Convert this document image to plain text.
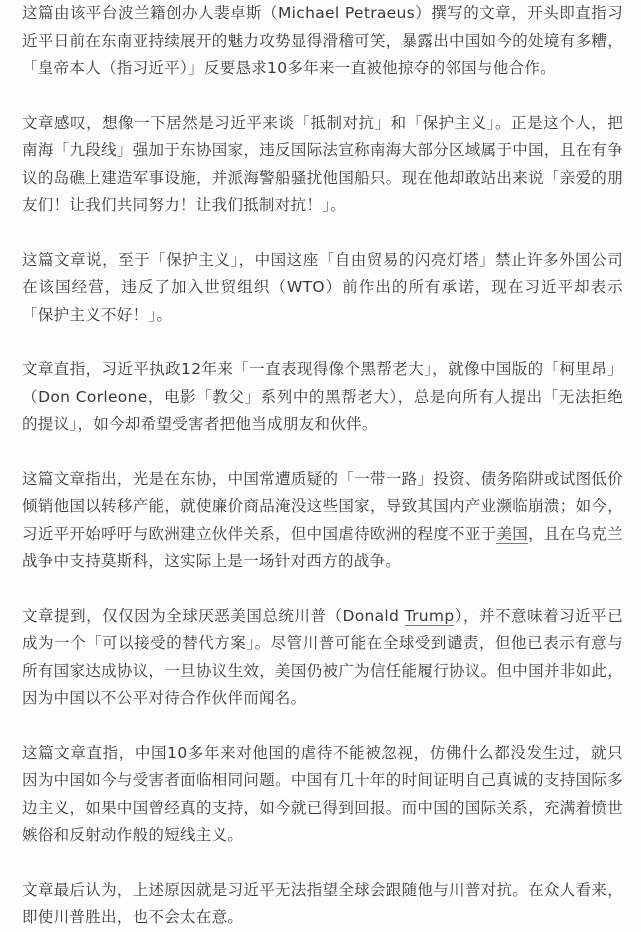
这篇由该平台波兰籍创办人裴卓斯（Michael Petraeus）撰写的文章，开头即直指习近平日前在东南亚持续展开的魅力攻势显得滑稽可笑，暴露出中国如今的处境有多糟，「皇帝本人（指习近平）」反要恳求10多年来一直被他掠夺的邻国与他合作。

文章感叹，想像一下居然是习近平来谈「抵制对抗」和「保护主义」。正是这个人，把南海「九段线」强加于东协国家，违反国际法宣称南海大部分区域属于中国，且在有争议的岛礁上建造军事设施，并派海警船骚扰他国船只。现在他却敢站出来说「亲爱的朋友们！让我们共同努力！让我们抵制对抗！」。

这篇文章说，至于「保护主义」，中国这座「自由贸易的闪亮灯塔」禁止许多外国公司在该国经营，违反了加入世贸组织（WTO）前作出的所有承诺，现在习近平却表示「保护主义不好！」。

文章直指，习近平执政12年来「一直表现得像个黑帮老大」，就像中国版的「柯里昂」（Don Corleone，电影「教父」系列中的黑帮老大），总是向所有人提出「无法拒绝的提议」，如今却希望受害者把他当成朋友和伙伴。

这篇文章指出，光是在东协，中国常遭质疑的「一带一路」投资、债务陷阱或试图低价倾销他国以转移产能，就使廉价商品淹没这些国家，导致其国内产业濒临崩溃；如今，习近平开始呼吁与欧洲建立伙伴关系，但中国虐待欧洲的程度不亚于美国，且在乌克兰战争中支持莫斯科，这实际上是一场针对西方的战争。

文章提到，仅仅因为全球厌恶美国总统川普（Donald Trump），并不意味着习近平已成为一个「可以接受的替代方案」。尽管川普可能在全球受到谴责，但他已表示有意与所有国家达成协议，一旦协议生效，美国仍被广为信任能履行协议。但中国并非如此，因为中国以不公平对待合作伙伴而闻名。

这篇文章直指，中国10多年来对他国的虐待不能被忽视，仿佛什么都没发生过，就只因为中国如今与受害者面临相同问题。中国有几十年的时间证明自己真诚的支持国际多边主义，如果中国曾经真的支持，如今就已得到回报。而中国的国际关系，充满着愤世嫉俗和反射动作般的短线主义。

文章最后认为，上述原因就是习近平无法指望全球会跟随他与川普对抗。在众人看来，即使川普胜出，也不会太在意。
